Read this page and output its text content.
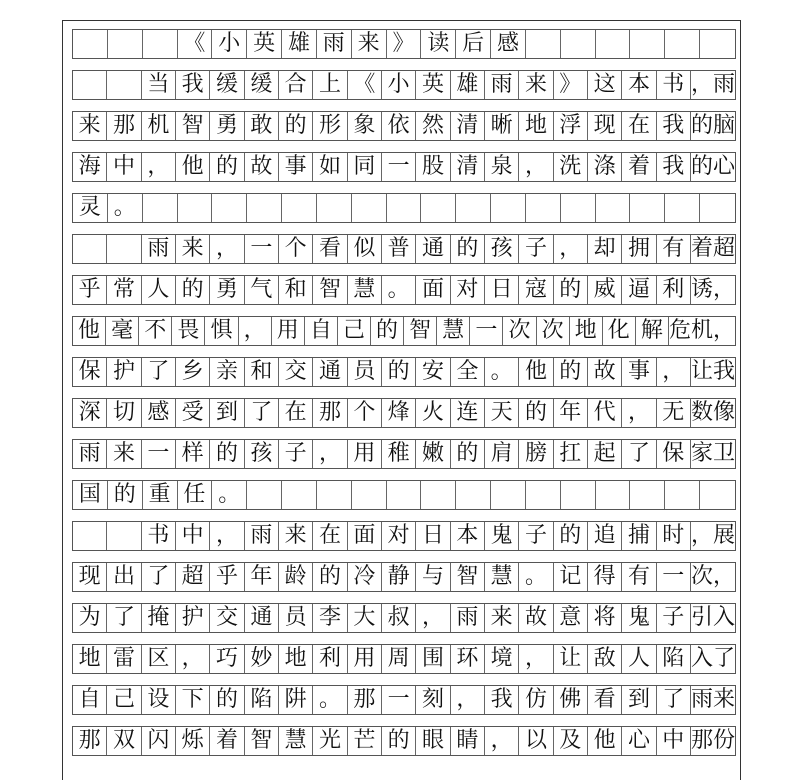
《 小 英 雄 雨 来 》 读 后 感
当 我 缓 缓 合 上 《 小 英 雄 雨 来 》 这 本 书 ，雨
来 那 机 智 勇 敢 的 形 象 依 然 清 晰 地 浮 现 在 我 的脑
海 中 ， 他 的 故 事 如 同 一 股 清 泉 ， 洗 涤 着 我 的心
灵 。
雨 来 ， 一 个 看 似 普 通 的 孩 子 ， 却 拥 有 着超
乎 常 人 的 勇 气 和 智 慧 。 面 对 日 寇 的 威 逼 利 诱，
他 毫 不 畏 惧 ， 用 自 己 的 智 慧 一 次 次 地 化 解 危机，
保 护 了 乡 亲 和 交 通 员 的 安 全 。 他 的 故 事 ， 让我
深 切 感 受 到 了 在 那 个 烽 火 连 天 的 年 代 ， 无 数像
雨 来 一 样 的 孩 子 ， 用 稚 嫩 的 肩 膀 扛 起 了 保 家卫
国 的 重 任 。
书 中 ， 雨 来 在 面 对 日 本 鬼 子 的 追 捕 时 ，展
现 出 了 超 乎 年 龄 的 冷 静 与 智 慧 。 记 得 有 一 次，
为 了 掩 护 交 通 员 李 大 叔 ， 雨 来 故 意 将 鬼 子 引入
地 雷 区 ， 巧 妙 地 利 用 周 围 环 境 ， 让 敌 人 陷 入了
自 己 设 下 的 陷 阱 。 那 一 刻 ， 我 仿 佛 看 到 了 雨来
那 双 闪 烁 着 智 慧 光 芒 的 眼 睛 ， 以 及 他 心 中 那份
